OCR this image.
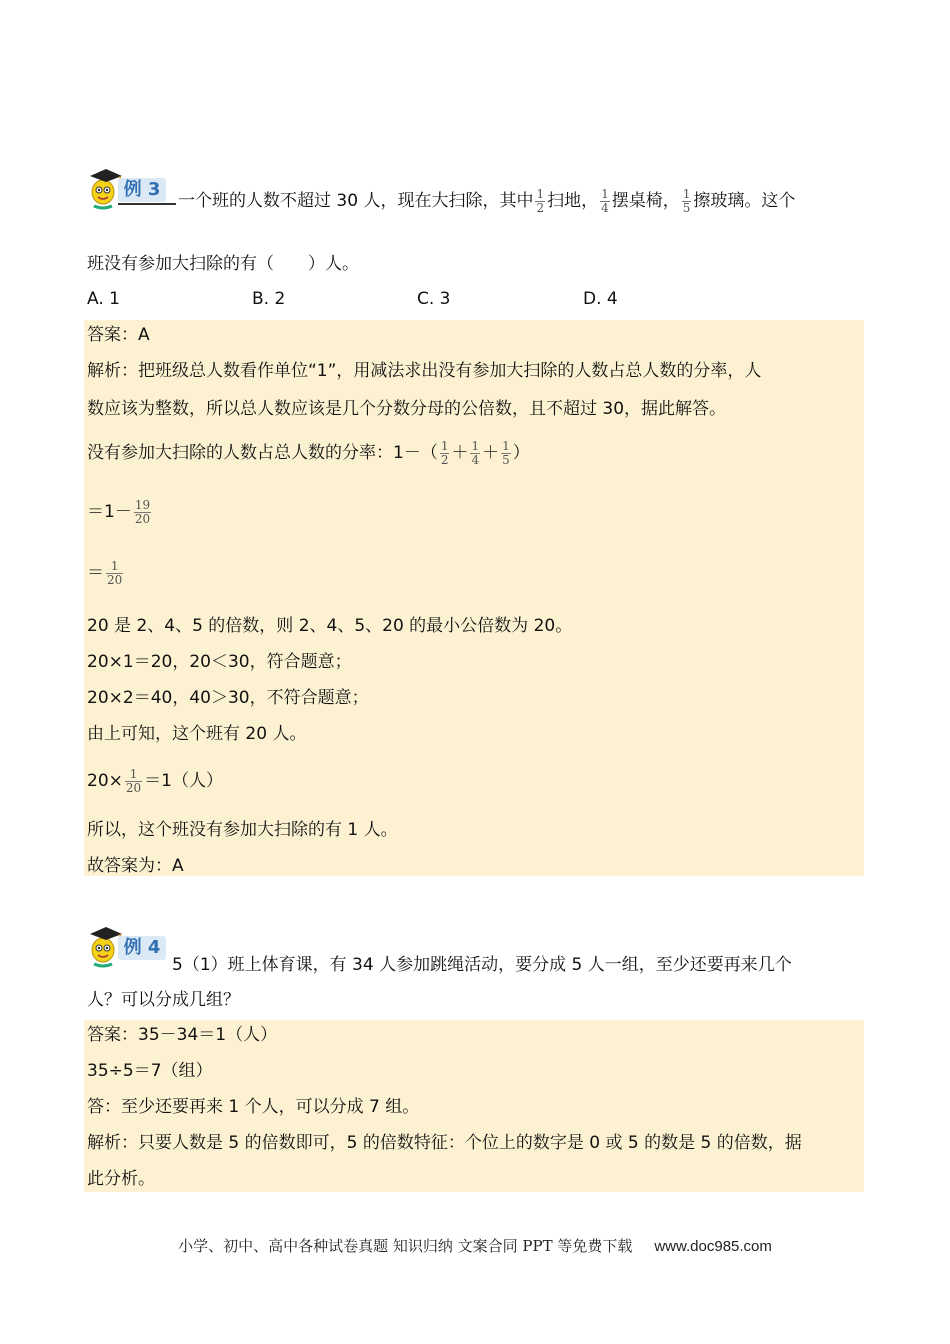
例 3
一个班的人数不超过 30 人，现在大扫除，其中 $\frac{1}{2}$ 扫地， $\frac{1}{4}$ 摆桌椅， $\frac{1}{5}$ 擦玻璃。这个
班没有参加大扫除的有（　　）人。
A. 1	B. 2	C. 3	D. 4
答案：A
解析：把班级总人数看作单位“1”，用减法求出没有参加大扫除的人数占总人数的分率，人
数应该为整数，所以总人数应该是几个分数分母的公倍数，且不超过 30，据此解答。
没有参加大扫除的人数占总人数的分率：$1-( \frac{1}{2} + \frac{1}{4} + \frac{1}{5}$ ）
$=1- \frac{19}{20}$
＝ $\frac{1}{20}$
20 是 2、4、5 的倍数，则 2、4、5、20 的最小公倍数为 20。
20×1＝20，20＜30，符合题意；
20×2＝40，40＞30，不符合题意；
由上可知，这个班有 20 人。
$20\times \frac{1}{20} =1$（人）
所以，这个班没有参加大扫除的有 1 人。
故答案为：A
例 4
5（1）班上体育课，有 34 人参加跳绳活动，要分成 5 人一组，至少还要再来几个
人？可以分成几组？
答案：35－34＝1（人）
35÷5＝7（组）
答：至少还要再来 1 个人，可以分成 7 组。
解析：只要人数是 5 的倍数即可，5 的倍数特征：个位上的数字是 0 或 5 的数是 5 的倍数，据
此分析。
小学、初中、高中各种试卷真题 知识归纳 文案合同 PPT 等免费下载 www.doc985.com
